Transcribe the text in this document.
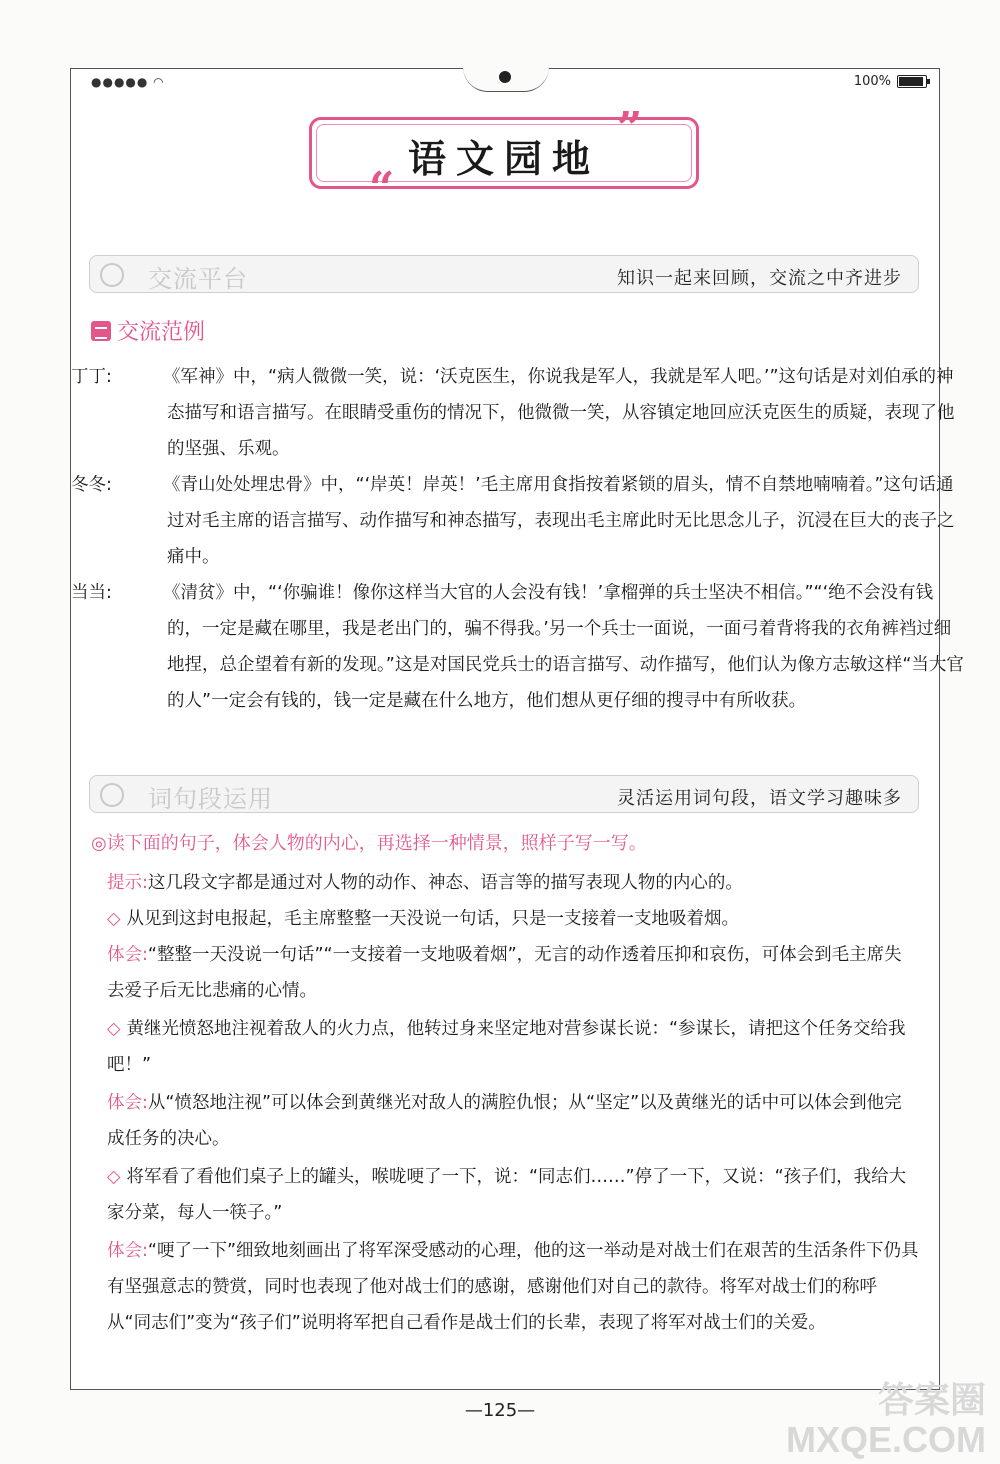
●●●●● ◠	100%
语文园地
”
“
交流平台	知识一起来回顾，交流之中齐进步
交流范例

丁丁:	《军神》中，“病人微微一笑，说：‘沃克医生，你说我是军人，我就是军人吧。’”这句话是对刘伯承的神态描写和语言描写。在眼睛受重伤的情况下，他微微一笑，从容镇定地回应沃克医生的质疑，表现了他的坚强、乐观。

冬冬:	《青山处处埋忠骨》中，“‘岸英！岸英！’毛主席用食指按着紧锁的眉头，情不自禁地喃喃着。”这句话通过对毛主席的语言描写、动作描写和神态描写，表现出毛主席此时无比思念儿子，沉浸在巨大的丧子之痛中。

当当:	《清贫》中，“‘你骗谁！像你这样当大官的人会没有钱！’拿榴弹的兵士坚决不相信。”“‘绝不会没有钱的，一定是藏在哪里，我是老出门的，骗不得我。’另一个兵士一面说，一面弓着背将我的衣角裤裆过细地捏，总企望着有新的发现。”这是对国民党兵士的语言描写、动作描写，他们认为像方志敏这样“当大官的人”一定会有钱的，钱一定是藏在什么地方，他们想从更仔细的搜寻中有所收获。

词句段运用	灵活运用词句段，语文学习趣味多
◎读下面的句子，体会人物的内心，再选择一种情景，照样子写一写。

提示:这几段文字都是通过对人物的动作、神态、语言等的描写表现人物的内心的。

◇ 从见到这封电报起，毛主席整整一天没说一句话，只是一支接着一支地吸着烟。

体会:“整整一天没说一句话”“一支接着一支地吸着烟”，无言的动作透着压抑和哀伤，可体会到毛主席失去爱子后无比悲痛的心情。

◇ 黄继光愤怒地注视着敌人的火力点，他转过身来坚定地对营参谋长说：“参谋长，请把这个任务交给我吧！”

体会:从“愤怒地注视”可以体会到黄继光对敌人的满腔仇恨；从“坚定”以及黄继光的话中可以体会到他完成任务的决心。

◇ 将军看了看他们桌子上的罐头，喉咙哽了一下，说：“同志们……”停了一下，又说：“孩子们，我给大家分菜，每人一筷子。”

体会:“哽了一下”细致地刻画出了将军深受感动的心理，他的这一举动是对战士们在艰苦的生活条件下仍具有坚强意志的赞赏，同时也表现了他对战士们的感谢，感谢他们对自己的款待。将军对战士们的称呼从“同志们”变为“孩子们”说明将军把自己看作是战士们的长辈，表现了将军对战士们的关爱。

—125—	答案圈
MXQE.COM
